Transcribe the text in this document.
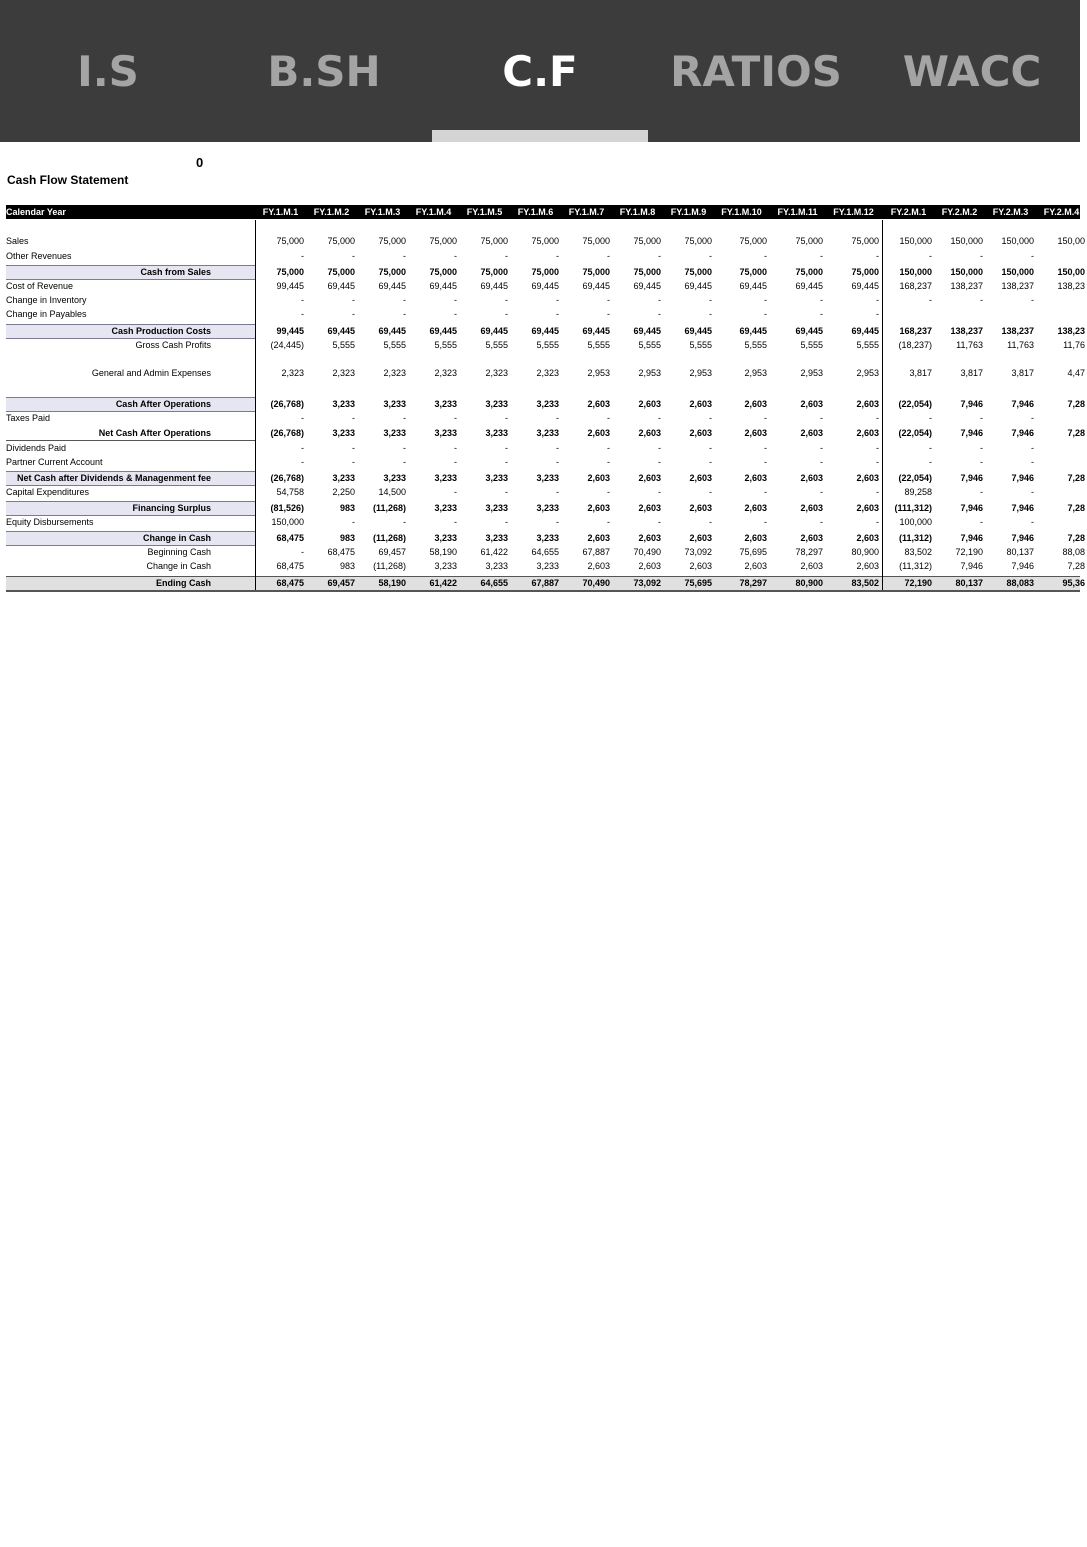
I.S	B.SH	C.F	RATIOS	WACC
0
Cash Flow Statement
Calendar Year	FY.1.M.1	FY.1.M.2	FY.1.M.3	FY.1.M.4	FY.1.M.5	FY.1.M.6	FY.1.M.7	FY.1.M.8	FY.1.M.9	FY.1.M.10	FY.1.M.11	FY.1.M.12	FY.2.M.1	FY.2.M.2	FY.2.M.3	FY.2.M.4
Sales	75,000	75,000	75,000	75,000	75,000	75,000	75,000	75,000	75,000	75,000	75,000	75,000	150,000	150,000	150,000	150,00
Other Revenues	-	-	-	-	-	-	-	-	-	-	-	-	-	-	-
Cash from Sales	75,000	75,000	75,000	75,000	75,000	75,000	75,000	75,000	75,000	75,000	75,000	75,000	150,000	150,000	150,000	150,00
Cost of Revenue	99,445	69,445	69,445	69,445	69,445	69,445	69,445	69,445	69,445	69,445	69,445	69,445	168,237	138,237	138,237	138,23
Change in Inventory	-	-	-	-	-	-	-	-	-	-	-	-	-	-	-
Change in Payables	-	-	-	-	-	-	-	-	-	-	-	-
Cash Production Costs	99,445	69,445	69,445	69,445	69,445	69,445	69,445	69,445	69,445	69,445	69,445	69,445	168,237	138,237	138,237	138,23
Gross Cash Profits	(24,445)	5,555	5,555	5,555	5,555	5,555	5,555	5,555	5,555	5,555	5,555	5,555	(18,237)	11,763	11,763	11,76
General and Admin Expenses	2,323	2,323	2,323	2,323	2,323	2,323	2,953	2,953	2,953	2,953	2,953	2,953	3,817	3,817	3,817	4,47
Cash After Operations	(26,768)	3,233	3,233	3,233	3,233	3,233	2,603	2,603	2,603	2,603	2,603	2,603	(22,054)	7,946	7,946	7,28
Taxes Paid	-	-	-	-	-	-	-	-	-	-	-	-	-	-	-
Net Cash After Operations	(26,768)	3,233	3,233	3,233	3,233	3,233	2,603	2,603	2,603	2,603	2,603	2,603	(22,054)	7,946	7,946	7,28
Dividends Paid	-	-	-	-	-	-	-	-	-	-	-	-	-	-	-
Partner Current Account	-	-	-	-	-	-	-	-	-	-	-	-	-	-	-
Net Cash after Dividends & Managenment fee	(26,768)	3,233	3,233	3,233	3,233	3,233	2,603	2,603	2,603	2,603	2,603	2,603	(22,054)	7,946	7,946	7,28
Capital Expenditures	54,758	2,250	14,500	-	-	-	-	-	-	-	-	-	89,258	-	-
Financing Surplus	(81,526)	983	(11,268)	3,233	3,233	3,233	2,603	2,603	2,603	2,603	2,603	2,603	(111,312)	7,946	7,946	7,28
Equity Disbursements	150,000	-	-	-	-	-	-	-	-	-	-	-	100,000	-	-
Change in Cash	68,475	983	(11,268)	3,233	3,233	3,233	2,603	2,603	2,603	2,603	2,603	2,603	(11,312)	7,946	7,946	7,28
Beginning Cash	-	68,475	69,457	58,190	61,422	64,655	67,887	70,490	73,092	75,695	78,297	80,900	83,502	72,190	80,137	88,08
Change in Cash	68,475	983	(11,268)	3,233	3,233	3,233	2,603	2,603	2,603	2,603	2,603	2,603	(11,312)	7,946	7,946	7,28
Ending Cash	68,475	69,457	58,190	61,422	64,655	67,887	70,490	73,092	75,695	78,297	80,900	83,502	72,190	80,137	88,083	95,36
